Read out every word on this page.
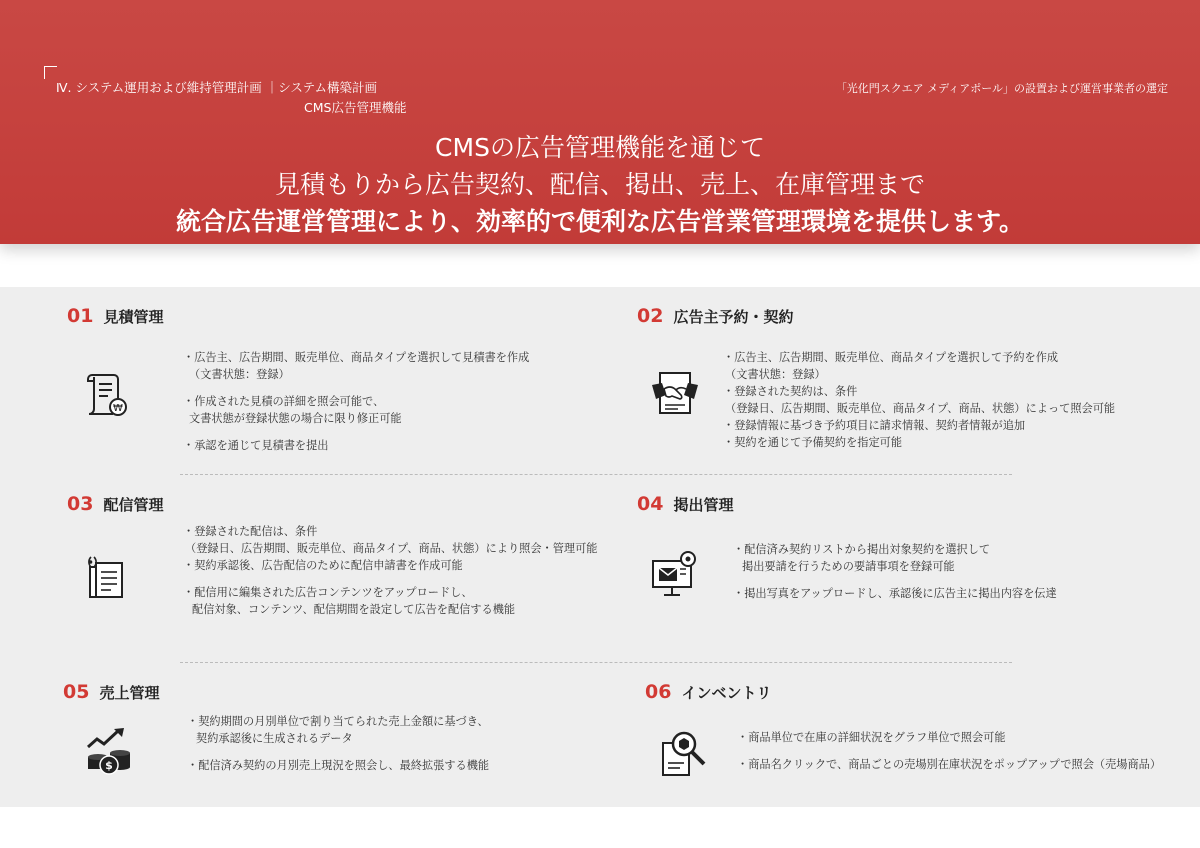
Ⅳ. システム運用および維持管理計画 ｜システム構築計画
CMS広告管理機能
「光化門スクエア メディアポール」の設置および運営事業者の選定
CMSの広告管理機能を通じて
見積もりから広告契約、配信、掲出、売上、在庫管理まで
統合広告運営管理により、効率的で便利な広告営業管理環境を提供します。
01 見積管理
₩

・広告主、広告期間、販売単位、商品タイプを選択して見積書を作成

（文書状態：登録）

・作成された見積の詳細を照会可能で、

文書状態が登録状態の場合に限り修正可能

・承認を通じて見積書を提出

02 広告主予約・契約

・広告主、広告期間、販売単位、商品タイプを選択して予約を作成

（文書状態：登録）

・登録された契約は、条件

（登録日、広告期間、販売単位、商品タイプ、商品、状態）によって照会可能

・登録情報に基づき予約項目に請求情報、契約者情報が追加

・契約を通じて予備契約を指定可能

03 配信管理

・登録された配信は、条件

（登録日、広告期間、販売単位、商品タイプ、商品、状態）により照会・管理可能

・契約承認後、広告配信のために配信申請書を作成可能

・配信用に編集された広告コンテンツをアップロードし、

配信対象、コンテンツ、配信期間を設定して広告を配信する機能

04 掲出管理

・配信済み契約リストから掲出対象契約を選択して

掲出要請を行うための要請事項を登録可能

・掲出写真をアップロードし、承認後に広告主に掲出内容を伝達

05 売上管理
$

・契約期間の月別単位で割り当てられた売上金額に基づき、

契約承認後に生成されるデータ

・配信済み契約の月別売上現況を照会し、最終拡張する機能

06 インベントリ

・商品単位で在庫の詳細状況をグラフ単位で照会可能

・商品名クリックで、商品ごとの売場別在庫状況をポップアップで照会（売場商品）
